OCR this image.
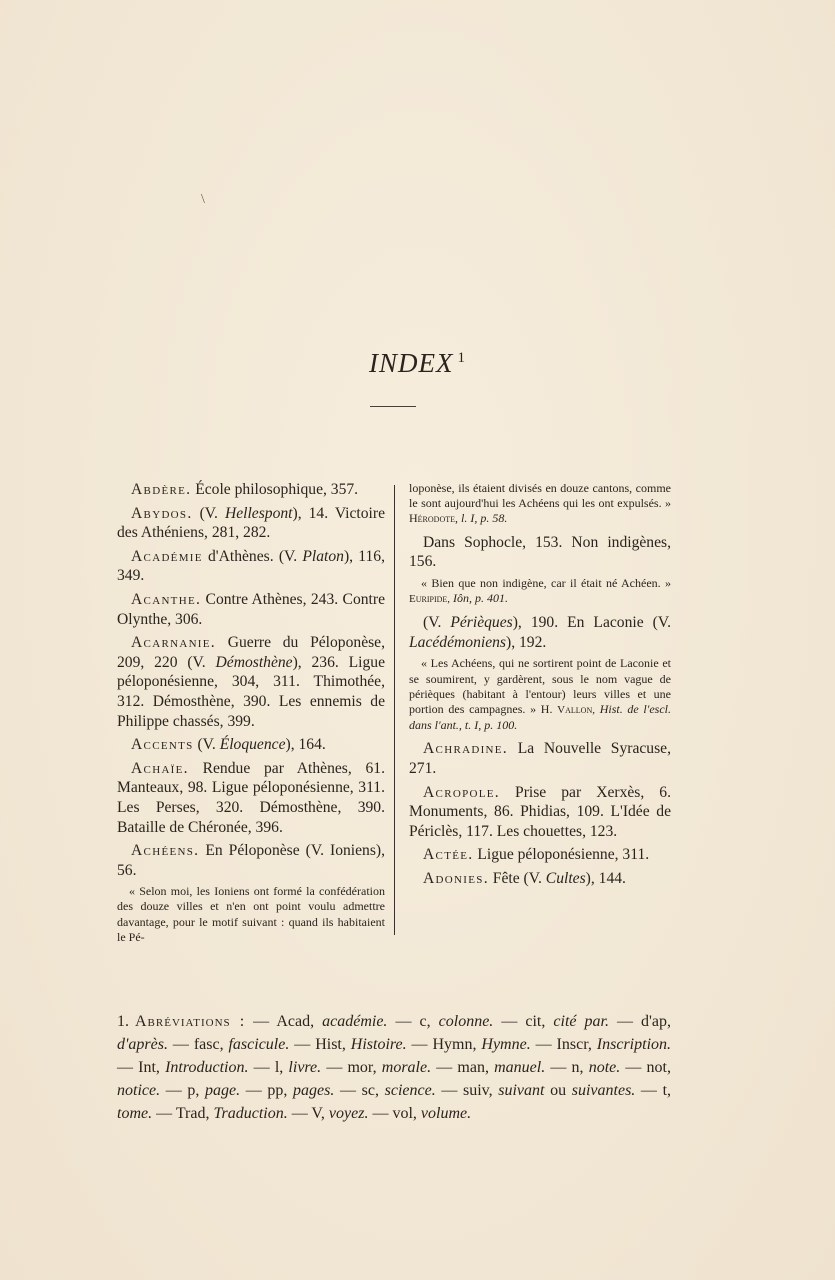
\
INDEX $^1$

Abdère. École philosophique, 357.

Abydos. (V. Hellespont), 14. Victoire des Athéniens, 281, 282.

Académie d'Athènes. (V. Platon), 116, 349.

Acanthe. Contre Athènes, 243. Contre Olynthe, 306.

Acarnanie. Guerre du Péloponèse, 209, 220 (V. Démosthène), 236. Ligue péloponésienne, 304, 311. Thimothée, 312. Démosthène, 390. Les ennemis de Philippe chassés, 399.

Accents (V. Éloquence), 164.

Achaïe. Rendue par Athènes, 61. Manteaux, 98. Ligue péloponésienne, 311. Les Perses, 320. Démosthène, 390. Bataille de Chéronée, 396.

Achéens. En Péloponèse (V. Ioniens), 56.

« Selon moi, les Ioniens ont formé la confédération des douze villes et n'en ont point voulu admettre davantage, pour le motif suivant : quand ils habitaient le Pé-

loponèse, ils étaient divisés en douze cantons, comme le sont aujourd'hui les Achéens qui les ont expulsés. » Hérodote, l. I, p. 58.

Dans Sophocle, 153. Non indigènes, 156.

« Bien que non indigène, car il était né Achéen. » Euripide, Iôn, p. 401.

(V. Périèques), 190. En Laconie (V. Lacédémoniens), 192.

« Les Achéens, qui ne sortirent point de Laconie et se soumirent, y gardèrent, sous le nom vague de périèques (habitant à l'entour) leurs villes et une portion des campagnes. » H. Vallon, Hist. de l'escl. dans l'ant., t. I, p. 100.

Achradine. La Nouvelle Syracuse, 271.

Acropole. Prise par Xerxès, 6. Monuments, 86. Phidias, 109. L'Idée de Périclès, 117. Les chouettes, 123.

Actée. Ligue péloponésienne, 311.

Adonies. Fête (V. Cultes), 144.

1. Abréviations : — Acad, académie. — c, colonne. — cit, cité par. — d'ap, d'après. — fasc, fascicule. — Hist, Histoire. — Hymn, Hymne. — Inscr, Inscription. — Int, Introduction. — l, livre. — mor, morale. — man, manuel. — n, note. — not, notice. — p, page. — pp, pages. — sc, science. — suiv, suivant ou suivantes. — t, tome. — Trad, Traduction. — V, voyez. — vol, volume.
